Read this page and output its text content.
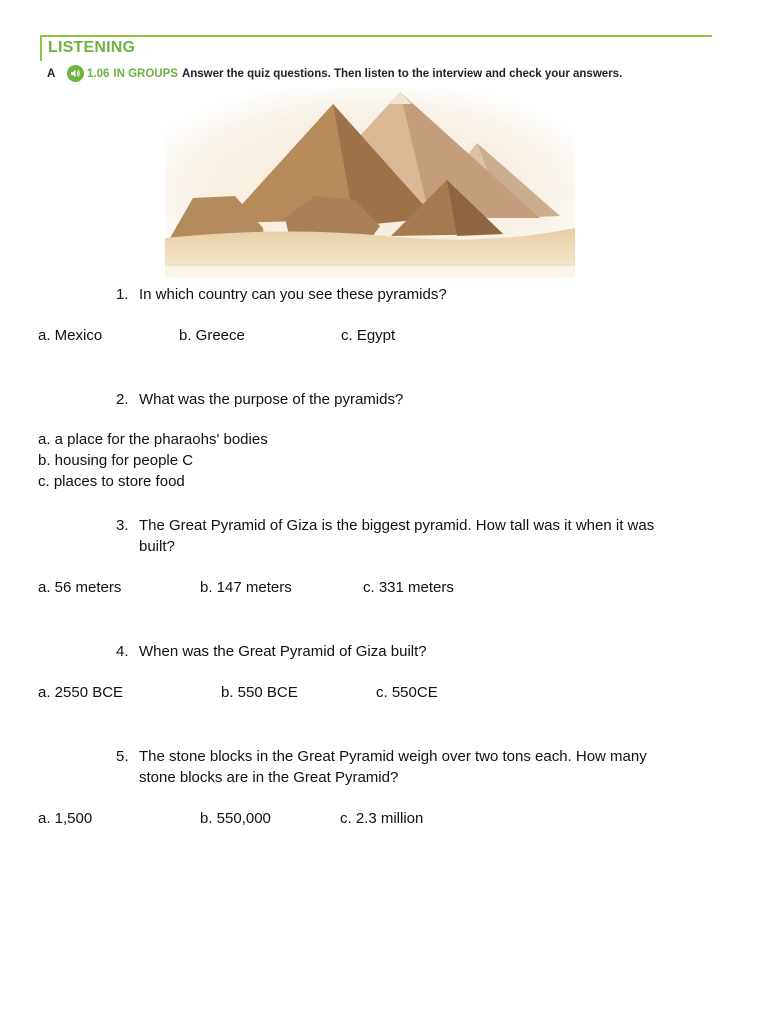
LISTENING
A	1.06 IN GROUPS Answer the quiz questions. Then listen to the interview and check your answers.
1. In which country can you see these pyramids?
a. Mexico	b. Greece	c. Egypt
2. What was the purpose of the pyramids?
a. a place for the pharaohs' bodies
b. housing for people C
c. places to store food
3. The Great Pyramid of Giza is the biggest pyramid. How tall was it when it was built?
a. 56 meters	b. 147 meters	c. 331 meters
4. When was the Great Pyramid of Giza built?
a. 2550 BCE	b. 550 BCE	c. 550CE
5. The stone blocks in the Great Pyramid weigh over two tons each. How many stone blocks are in the Great Pyramid?
a. 1,500	b. 550,000	c. 2.3 million
